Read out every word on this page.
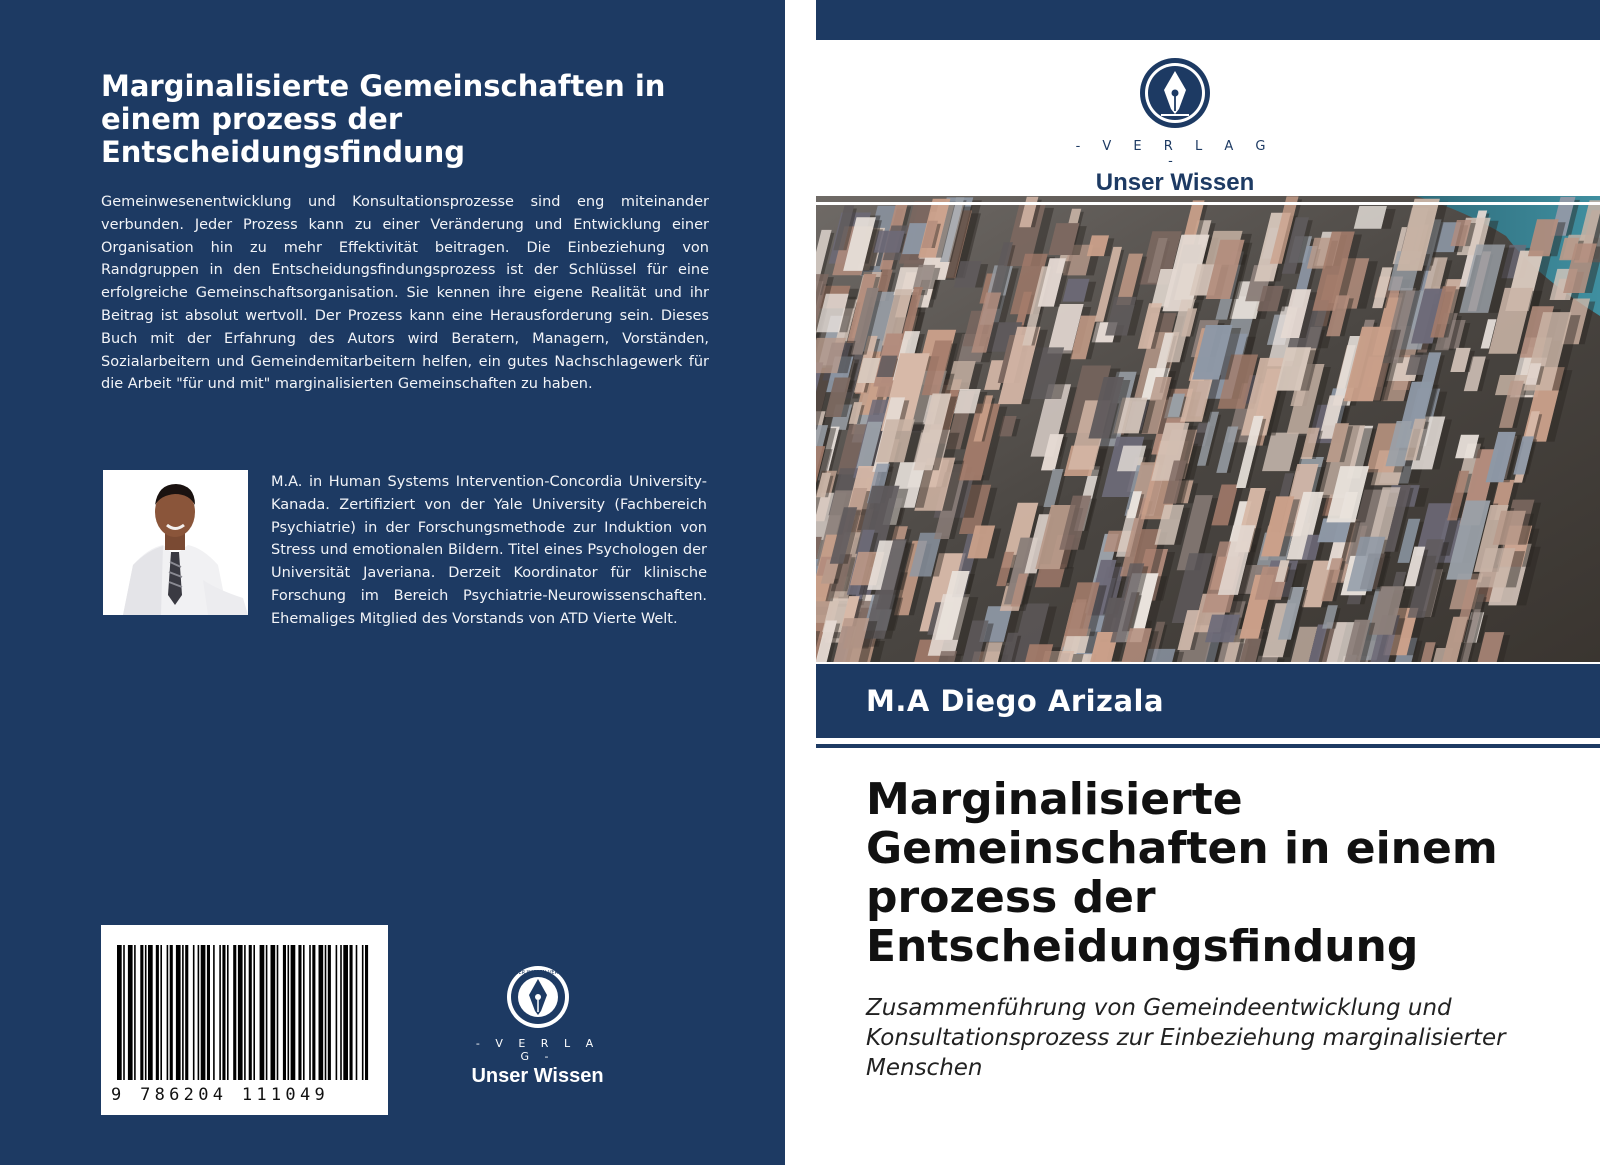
Marginalisierte Gemeinschaften in einem prozess der Entscheidungsfindung

Gemeinwesenentwicklung und Konsultationsprozesse sind eng miteinander verbunden. Jeder Prozess kann zu einer Veränderung und Entwicklung einer Organisation hin zu mehr Effektivität beitragen. Die Einbeziehung von Randgruppen in den Entscheidungsfindungsprozess ist der Schlüssel für eine erfolgreiche Gemeinschaftsorganisation. Sie kennen ihre eigene Realität und ihr Beitrag ist absolut wertvoll. Der Prozess kann eine Herausforderung sein. Dieses Buch mit der Erfahrung des Autors wird Beratern, Managern, Vorständen, Sozialarbeitern und Gemeindemitarbeitern helfen, ein gutes Nachschlagewerk für die Arbeit "für und mit" marginalisierten Gemeinschaften zu haben.

M.A. in Human Systems Intervention-Concordia University-Kanada. Zertifiziert von der Yale University (Fachbereich Psychiatrie) in der Forschungsmethode zur Induktion von Stress und emotionalen Bildern. Titel eines Psychologen der Universität Javeriana. Derzeit Koordinator für klinische Forschung im Bereich Psychiatrie-Neurowissenschaften. Ehemaliges Mitglied des Vorstands von ATD Vierte Welt.

9 786204 111049
UNSER WISSEN VERLAG
- V E R L A G -
Unser Wissen
- V E R L A G -
Unser Wissen
M.A Diego Arizala
Marginalisierte Gemeinschaften in einem prozess der Entscheidungsfindung

Zusammenführung von Gemeindeentwicklung und Konsultationsprozess zur Einbeziehung marginalisierter Menschen
